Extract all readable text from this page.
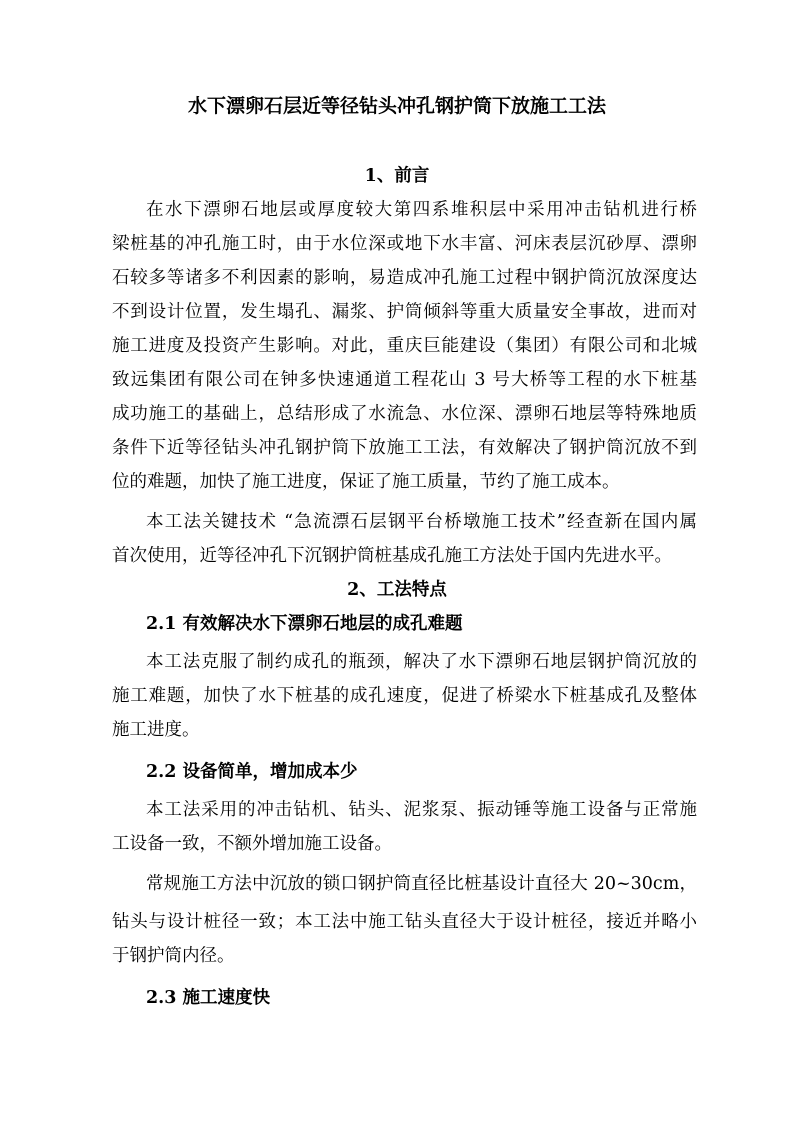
水下漂卵石层近等径钻头冲孔钢护筒下放施工工法
1、前言
在水下漂卵石地层或厚度较大第四系堆积层中采用冲击钻机进行桥
梁桩基的冲孔施工时，由于水位深或地下水丰富、河床表层沉砂厚、漂卵
石较多等诸多不利因素的影响，易造成冲孔施工过程中钢护筒沉放深度达
不到设计位置，发生塌孔、漏浆、护筒倾斜等重大质量安全事故，进而对
施工进度及投资产生影响。对此，重庆巨能建设（集团）有限公司和北城
致远集团有限公司在钟多快速通道工程花山 3 号大桥等工程的水下桩基
成功施工的基础上，总结形成了水流急、水位深、漂卵石地层等特殊地质
条件下近等径钻头冲孔钢护筒下放施工工法，有效解决了钢护筒沉放不到
位的难题，加快了施工进度，保证了施工质量，节约了施工成本。
本工法关键技术 “急流漂石层钢平台桥墩施工技术”经查新在国内属
首次使用，近等径冲孔下沉钢护筒桩基成孔施工方法处于国内先进水平。
2、工法特点
2.1 有效解决水下漂卵石地层的成孔难题
本工法克服了制约成孔的瓶颈，解决了水下漂卵石地层钢护筒沉放的
施工难题，加快了水下桩基的成孔速度，促进了桥梁水下桩基成孔及整体
施工进度。
2.2 设备简单，增加成本少
本工法采用的冲击钻机、钻头、泥浆泵、振动锤等施工设备与正常施
工设备一致，不额外增加施工设备。
常规施工方法中沉放的锁口钢护筒直径比桩基设计直径大 20~30cm，
钻头与设计桩径一致；本工法中施工钻头直径大于设计桩径，接近并略小
于钢护筒内径。
2.3 施工速度快
